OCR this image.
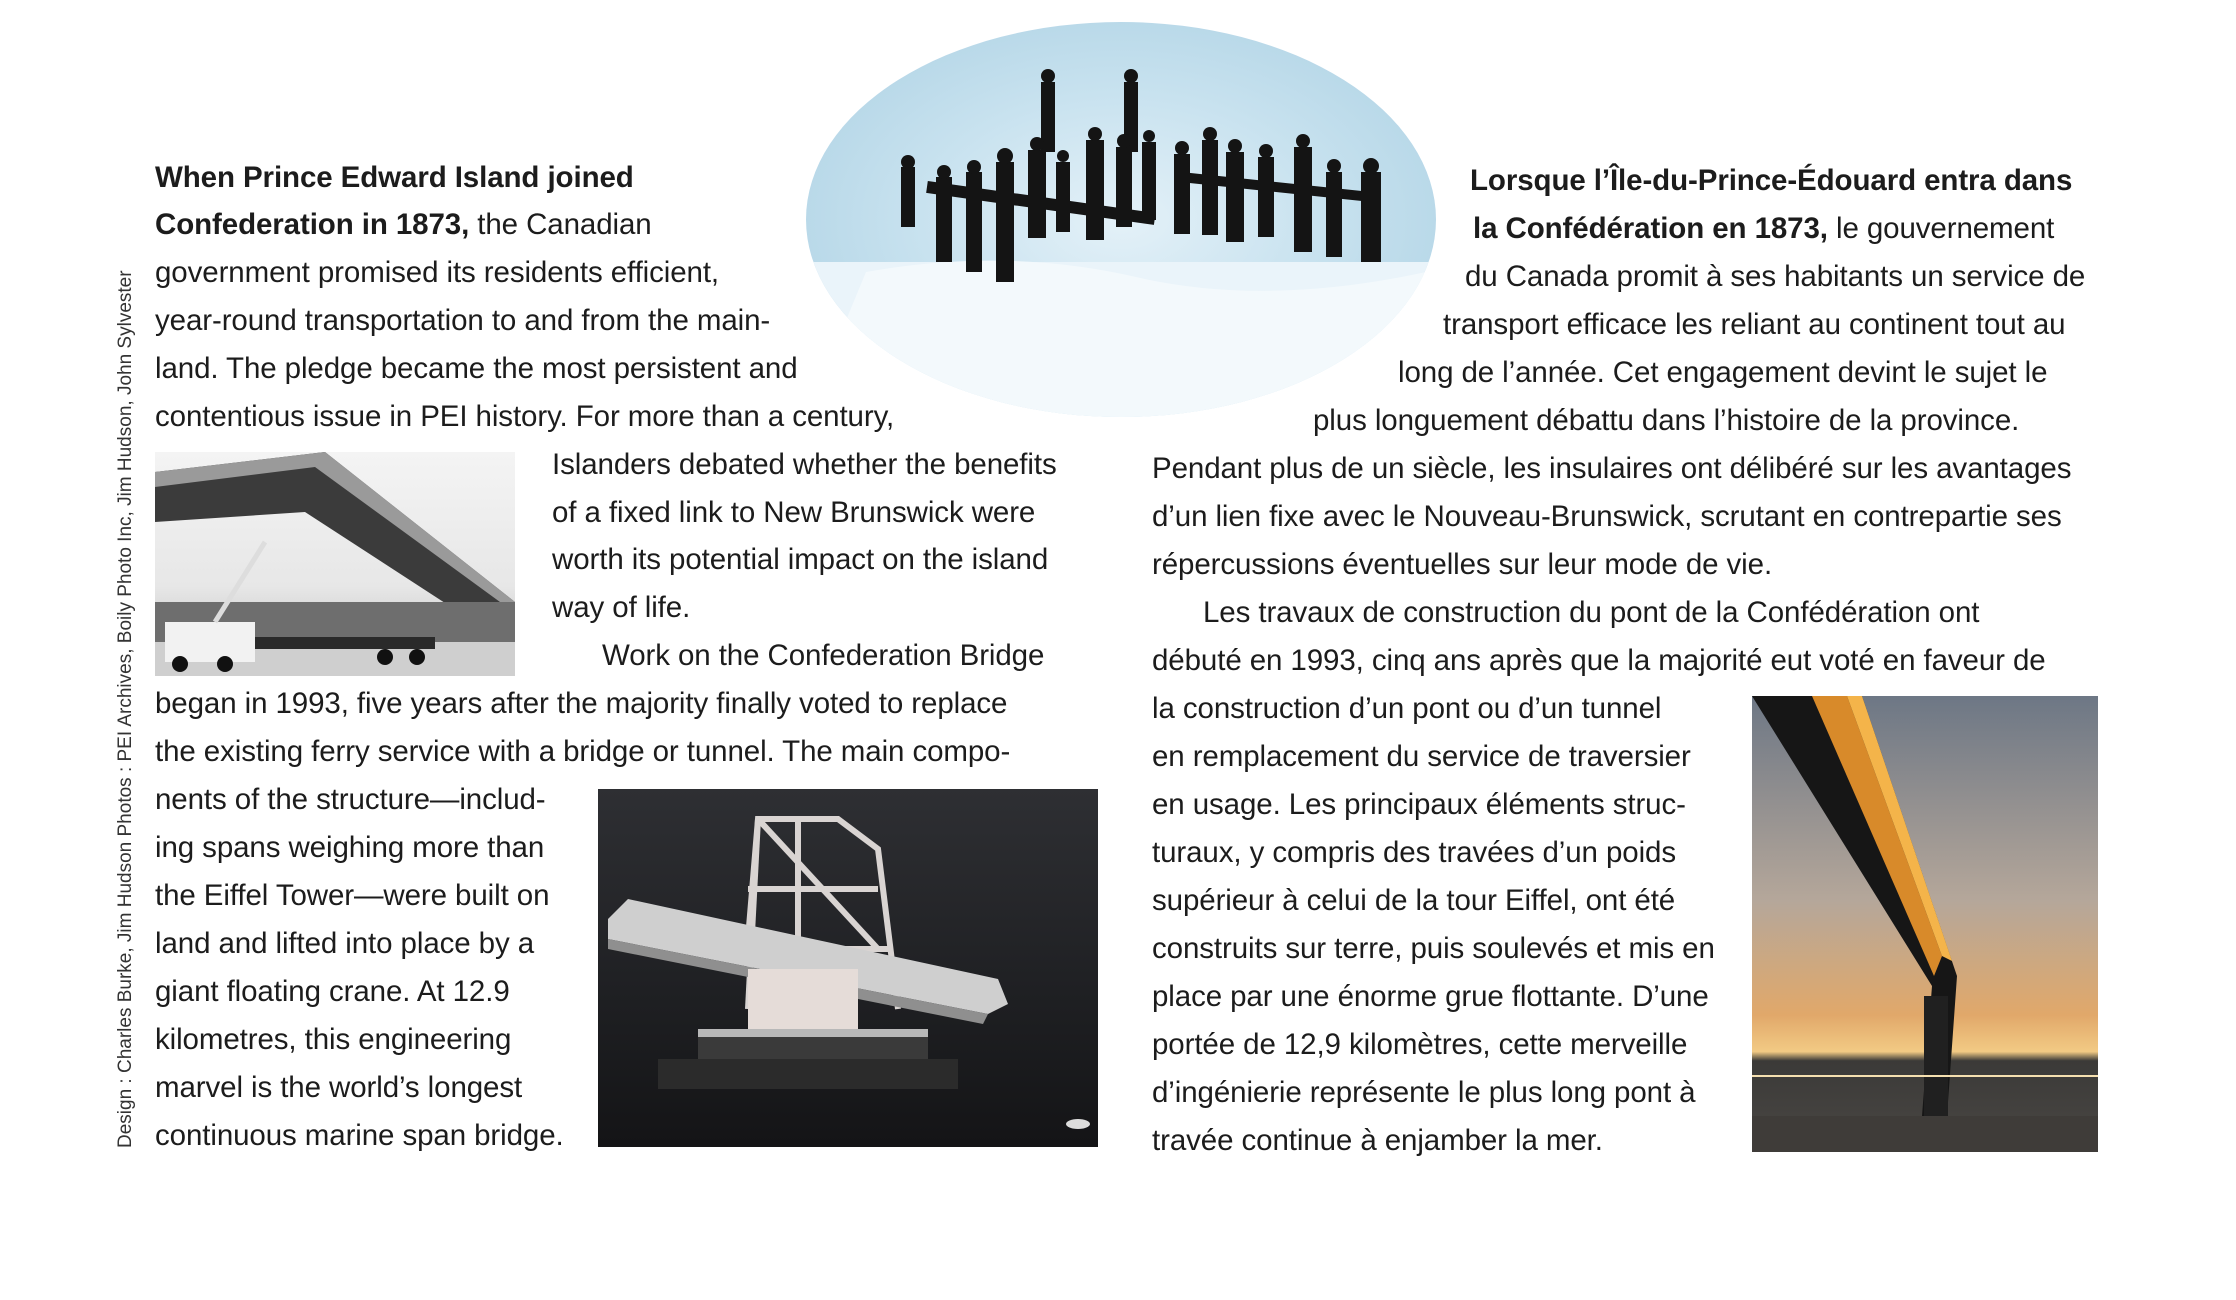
Design : Charles Burke, Jim Hudson Photos : PEI Archives, Boily Photo Inc, Jim Hudson, John Sylvester
When Prince Edward Island joined
Confederation in 1873, the Canadian
government promised its residents efficient,
year-round transportation to and from the main-
land. The pledge became the most persistent and
contentious issue in PEI history. For more than a century,
Islanders debated whether the benefits
of a fixed link to New Brunswick were
worth its potential impact on the island
way of life.
Work on the Confederation Bridge
began in 1993, five years after the majority finally voted to replace
the existing ferry service with a bridge or tunnel. The main compo-
nents of the structure—includ-
ing spans weighing more than
the Eiffel Tower—were built on
land and lifted into place by a
giant floating crane. At 12.9
kilometres, this engineering
marvel is the world’s longest
continuous marine span bridge.
Lorsque l’Île-du-Prince-Édouard entra dans
la Confédération en 1873, le gouvernement
du Canada promit à ses habitants un service de
transport efficace les reliant au continent tout au
long de l’année. Cet engagement devint le sujet le
plus longuement débattu dans l’histoire de la province.
Pendant plus de un siècle, les insulaires ont délibéré sur les avantages
d’un lien fixe avec le Nouveau-Brunswick, scrutant en contrepartie ses
répercussions éventuelles sur leur mode de vie.
Les travaux de construction du pont de la Confédération ont
débuté en 1993, cinq ans après que la majorité eut voté en faveur de
la construction d’un pont ou d’un tunnel
en remplacement du service de traversier
en usage. Les principaux éléments struc-
turaux, y compris des travées d’un poids
supérieur à celui de la tour Eiffel, ont été
construits sur terre, puis soulevés et mis en
place par une énorme grue flottante. D’une
portée de 12,9 kilomètres, cette merveille
d’ingénierie représente le plus long pont à
travée continue à enjamber la mer.
